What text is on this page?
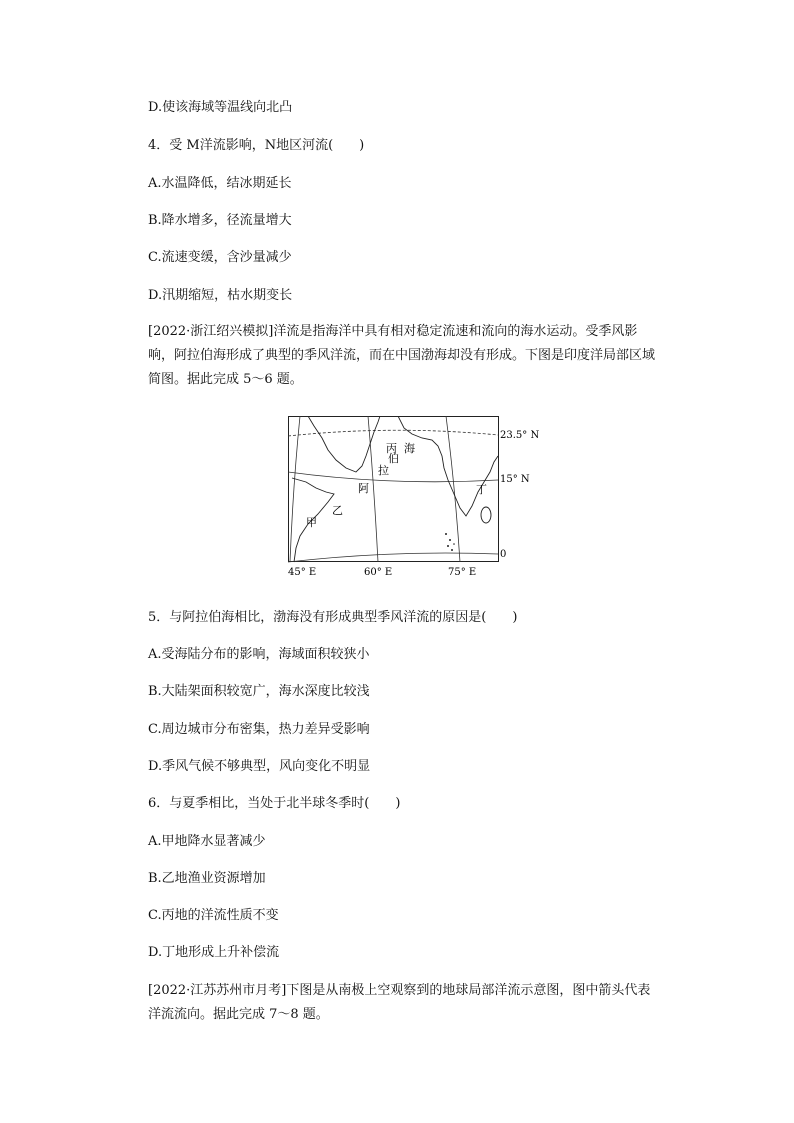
D.使该海域等温线向北凸
4．受 M洋流影响，N地区河流(　　)
A.水温降低，结冰期延长
B.降水增多，径流量增大
C.流速变缓，含沙量减少
D.汛期缩短，枯水期变长
[2022·浙江绍兴模拟]洋流是指海洋中具有相对稳定流速和流向的海水运动。受季风影响，阿拉伯海形成了典型的季风洋流，而在中国渤海却没有形成。下图是印度洋局部区域简图。据此完成 5～6 题。
阿
拉
伯
海
甲
乙
丙
丁
23.5° N
15° N
0
45° E	60° E	75° E
5．与阿拉伯海相比，渤海没有形成典型季风洋流的原因是(　　)
A.受海陆分布的影响，海域面积较狭小
B.大陆架面积较宽广，海水深度比较浅
C.周边城市分布密集，热力差异受影响
D.季风气候不够典型，风向变化不明显
6．与夏季相比，当处于北半球冬季时(　　)
A.甲地降水显著减少
B.乙地渔业资源增加
C.丙地的洋流性质不变
D.丁地形成上升补偿流
[2022·江苏苏州市月考]下图是从南极上空观察到的地球局部洋流示意图，图中箭头代表洋流流向。据此完成 7～8 题。
